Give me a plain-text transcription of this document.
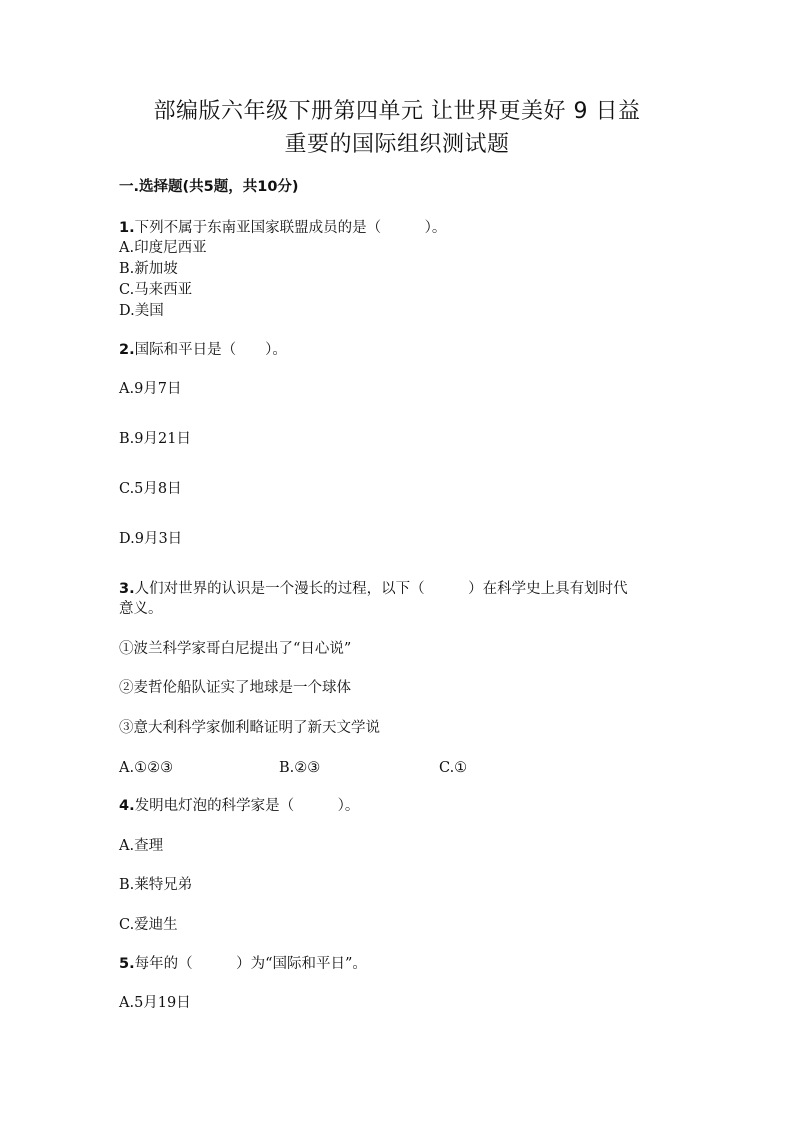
部编版六年级下册第四单元 让世界更美好 9 日益
重要的国际组织测试题
一.选择题(共5题，共10分)
1.下列不属于东南亚国家联盟成员的是（　　　）。
A.印度尼西亚
B.新加坡
C.马来西亚
D.美国
2.国际和平日是（　　）。
A.9月7日
B.9月21日
C.5月8日
D.9月3日
3.人们对世界的认识是一个漫长的过程，以下（　　　）在科学史上具有划时代
意义。
①波兰科学家哥白尼提出了“日心说”
②麦哲伦船队证实了地球是一个球体
③意大利科学家伽利略证明了新天文学说
A.①②③	B.②③	C.①
4.发明电灯泡的科学家是（　　　）。
A.查理
B.莱特兄弟
C.爱迪生
5.每年的（　　　）为“国际和平日”。
A.5月19日
